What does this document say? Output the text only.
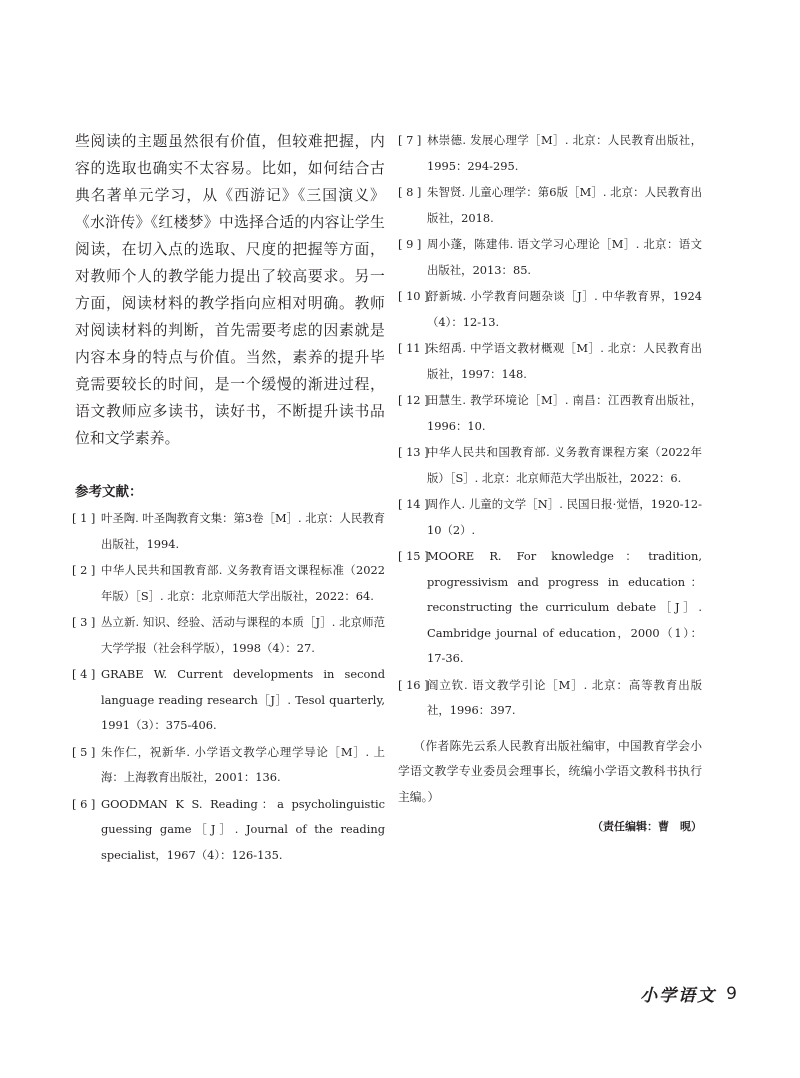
些阅读的主题虽然很有价值，但较难把握，内容的选取也确实不太容易。比如，如何结合古典名著单元学习，从《西游记》《三国演义》《水浒传》《红楼梦》中选择合适的内容让学生阅读，在切入点的选取、尺度的把握等方面，对教师个人的教学能力提出了较高要求。另一方面，阅读材料的教学指向应相对明确。教师对阅读材料的判断，首先需要考虑的因素就是内容本身的特点与价值。当然，素养的提升毕竟需要较长的时间，是一个缓慢的渐进过程，语文教师应多读书，读好书，不断提升读书品位和文学素养。

参考文献：
[ 1 ] 叶圣陶. 叶圣陶教育文集：第3卷［M］. 北京：人民教育出版社，1994.
[ 2 ] 中华人民共和国教育部. 义务教育语文课程标准（2022年版）［S］. 北京：北京师范大学出版社，2022：64.
[ 3 ] 丛立新. 知识、经验、活动与课程的本质［J］. 北京师范大学学报（社会科学版），1998（4）：27.
[ 4 ] GRABE W. Current developments in second language reading research［J］. Tesol quarterly, 1991（3）：375-406.
[ 5 ] 朱作仁，祝新华. 小学语文教学心理学导论［M］. 上海：上海教育出版社，2001：136.
[ 6 ] GOODMAN K S. Reading：a psycholinguistic guessing game［J］. Journal of the reading specialist，1967（4）：126-135.
[ 7 ] 林崇德. 发展心理学［M］. 北京：人民教育出版社，1995：294-295.
[ 8 ] 朱智贤. 儿童心理学：第6版［M］. 北京：人民教育出版社，2018.
[ 9 ] 周小蓬，陈建伟. 语文学习心理论［M］. 北京：语文出版社，2013：85.
[ 10 ]
舒新城. 小学教育问题杂谈［J］. 中华教育界，1924（4）：12-13.
[ 11 ]
朱绍禹. 中学语文教材概观［M］. 北京：人民教育出版社，1997：148.
[ 12 ]
田慧生. 教学环境论［M］. 南昌：江西教育出版社，1996：10.
[ 13 ]
中华人民共和国教育部. 义务教育课程方案（2022年版）［S］. 北京：北京师范大学出版社，2022：6.
[ 14 ]
周作人. 儿童的文学［N］. 民国日报·觉悟，1920-12-10（2）.
[ 15 ]
MOORE R. For knowledge：tradition, progressivism and progress in education：reconstructing the curriculum debate［J］. Cambridge journal of education，2000（1）：17-36.
[ 16 ]
阎立钦. 语文教学引论［M］. 北京：高等教育出版社，1996：397.

（作者陈先云系人民教育出版社编审，中国教育学会小学语文教学专业委员会理事长，统编小学语文教科书执行主编。）

（责任编辑：曹　晛）
小学语文 9
